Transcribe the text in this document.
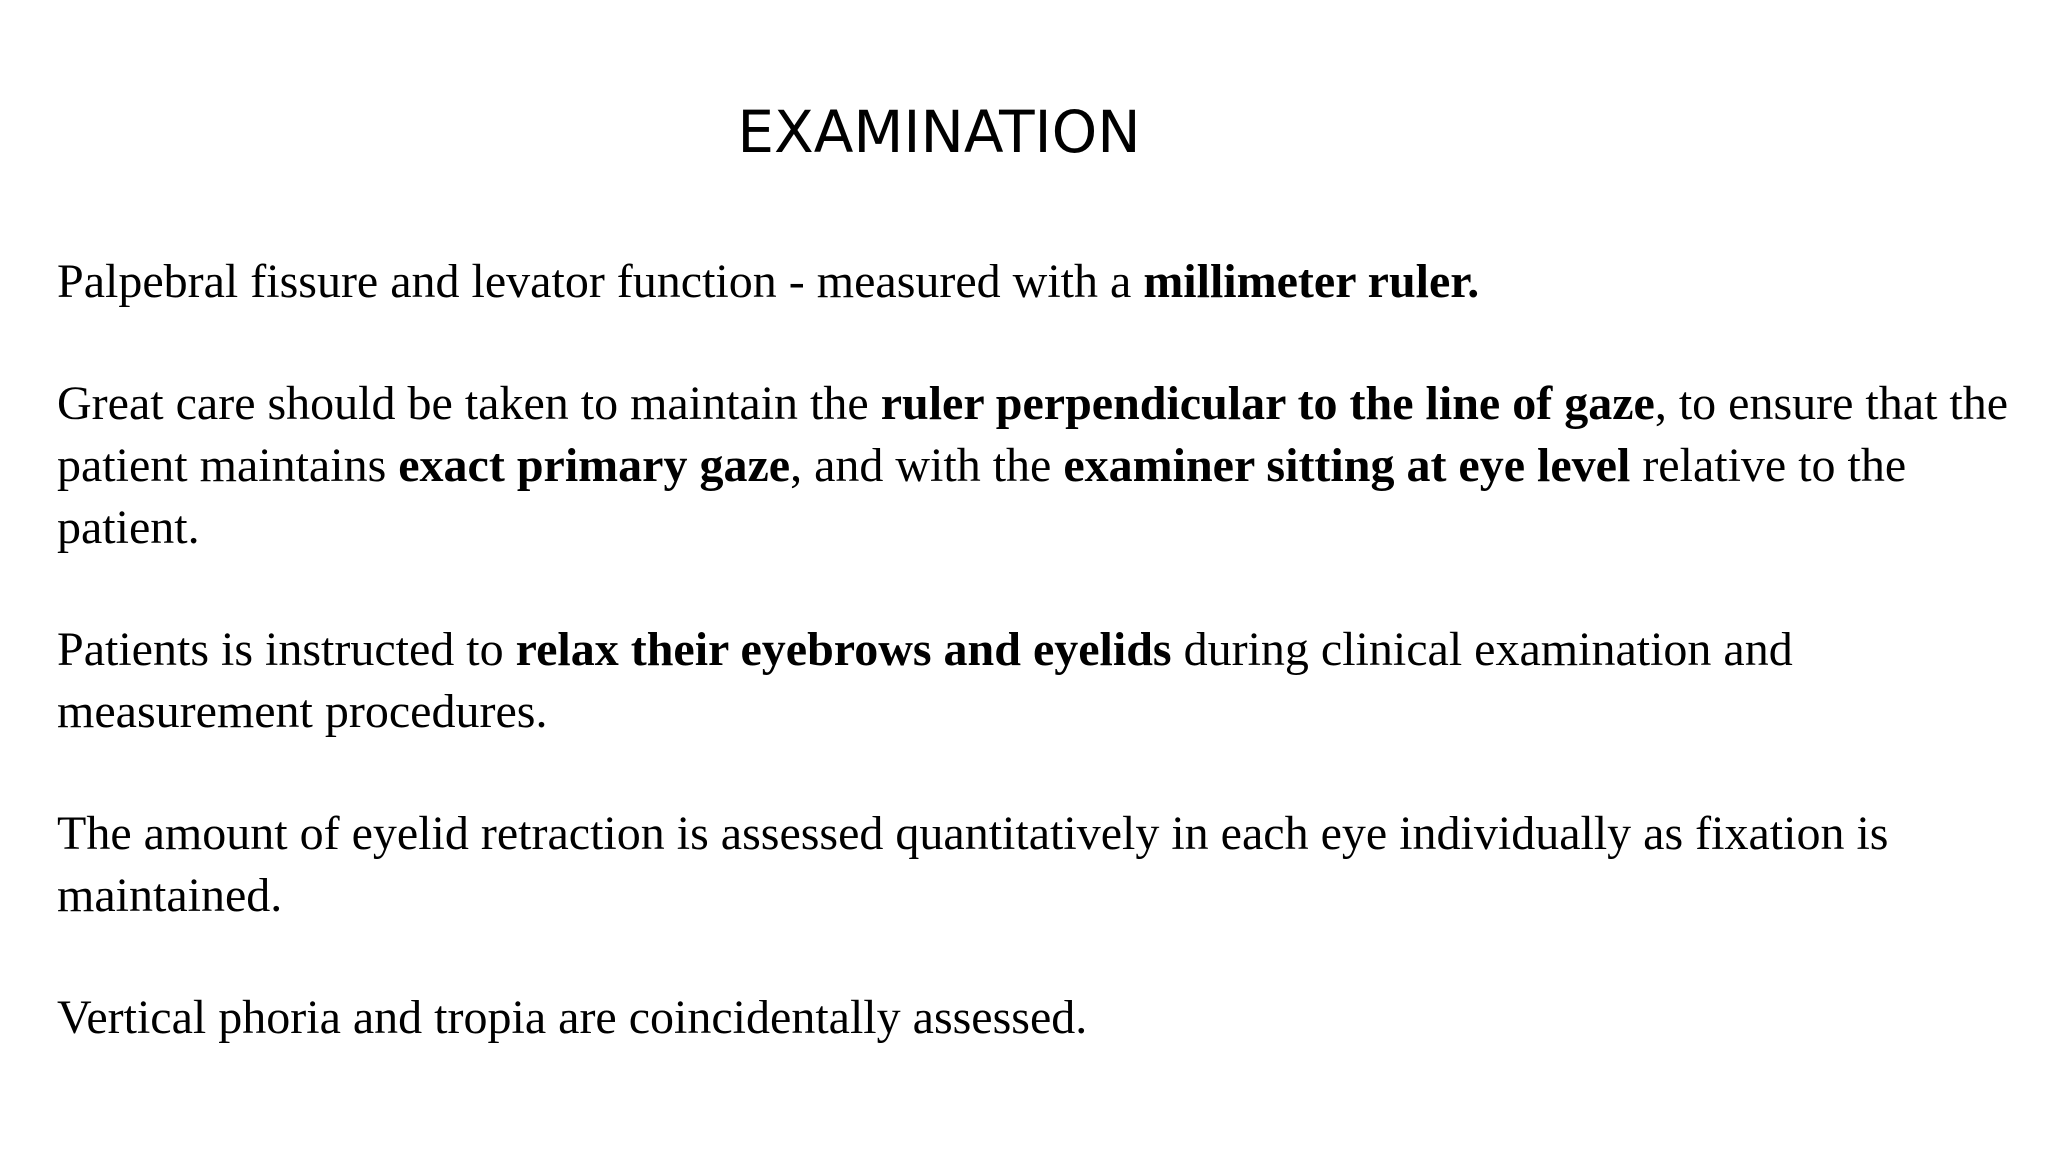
EXAMINATION

Palpebral fissure and levator function - measured with a millimeter ruler.

Great care should be taken to maintain the ruler perpendicular to the line of gaze, to ensure that the patient maintains exact primary gaze, and with the examiner sitting at eye level relative to the patient.

Patients is instructed to relax their eyebrows and eyelids during clinical examination and measurement procedures.

The amount of eyelid retraction is assessed quantitatively in each eye individually as fixation is maintained.

Vertical phoria and tropia are coincidentally assessed.
